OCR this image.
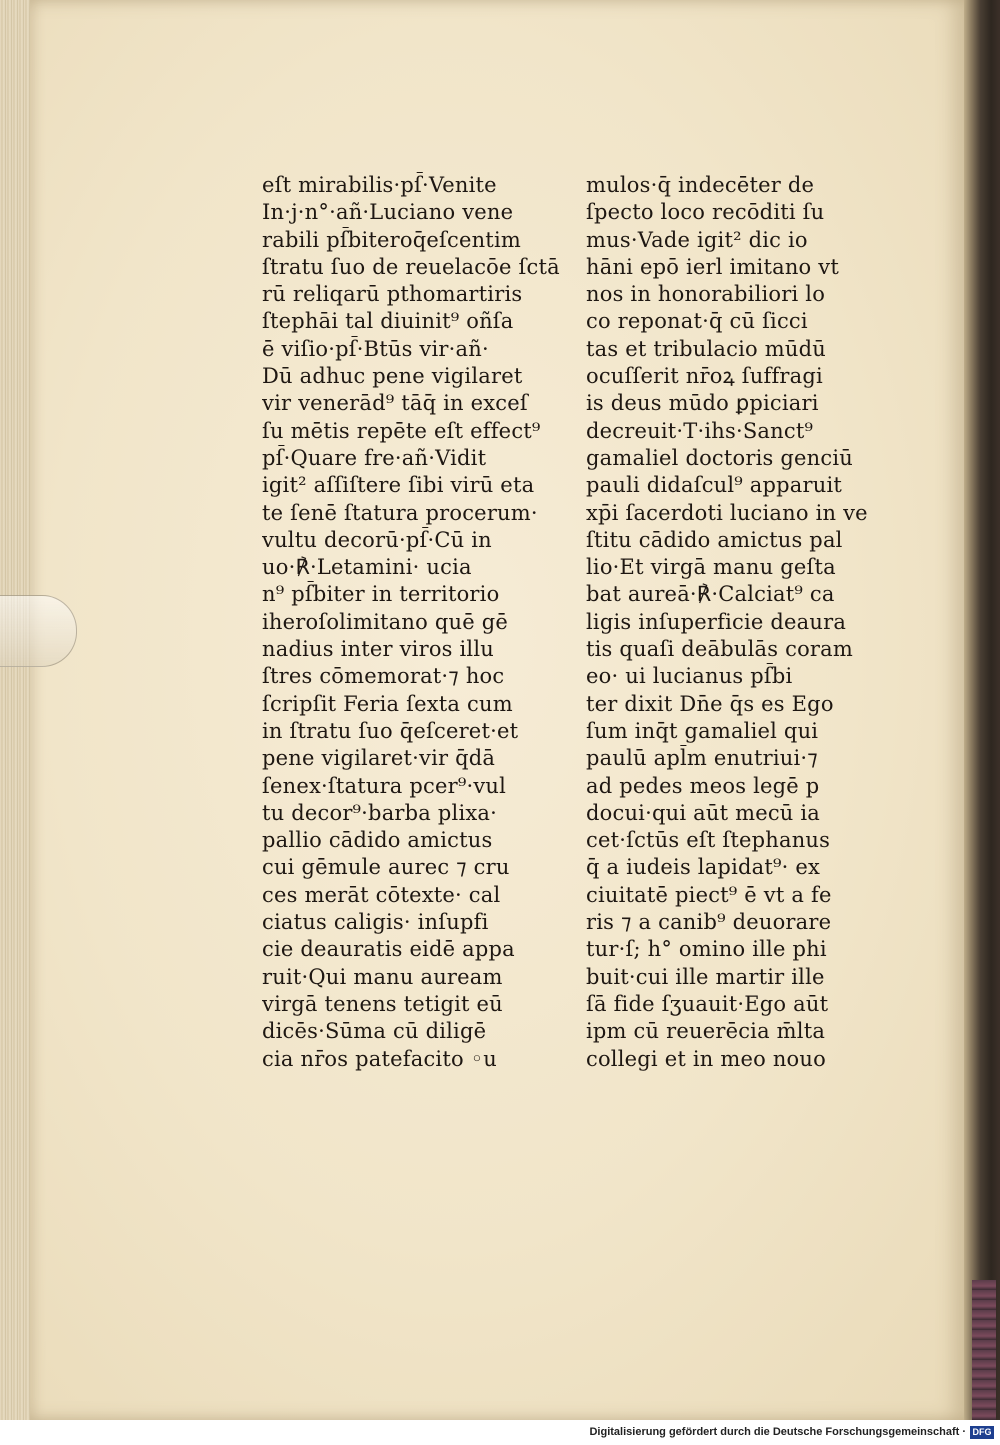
eſt mirabilis·pſ̄·Venite
In·j·n°·añ·Luciano vene
rabili pſ̄biteroq̄eſcentim
ſtratu ſuo de reuelacōe ſctā
rū reliqarū pthomartiris
ſtephāi tal diuinit⁹ oñſa
ē viſio·pſ̄·Btūs vir·añ·
Dū adhuc pene vigilaret
vir venerād⁹ tāq̄ in exceſ
ſu mētis repēte eſt effect⁹
pſ̄·Quare fre·añ·Vidit
igit² aſſiſtere ſibi virū eta
te ſenē ſtatura procerum·
vultu decorū·pſ̄·Cū in
uo·℟·Letamini· ucia
n⁹ pſ̄biter in territorio
iheroſolimitano quē gē
nadius inter viros illu
ſtres cōmemorat·⁊ hoc
ſcripſit Feria ſexta cum
in ſtratu ſuo q̄eſceret·et
pene vigilaret·vir q̄dā
ſenex·ſtatura pcer⁹·vul
tu decor⁹·barba plixa·
pallio cādido amictus
cui gēmule aurec ⁊ cru
ces merāt cōtexte· cal
ciatus caligis· inſupfi
cie deauratis eidē appa
ruit·Qui manu auream
virgā tenens tetigit eū
dicēs·Sūma cū diligē
cia nr̄os patefacito ◦u
mulos·q̄ indecēter de
ſpecto loco recōditi ſu
mus·Vade igit² dic io
hāni epō ierl imitano vt
nos in honorabiliori lo
co reponat·q̄ cū ſicci
tas et tribulacio mūdū
ocuſſerit nr̄oꝝ ſuffragi
is deus mūdo ꝑpiciari
decreuit·T·ihs·Sanct⁹
gamaliel doctoris genciū
pauli didaſcul⁹ apparuit
xp̄i ſacerdoti luciano in ve
ſtitu cādido amictus pal
lio·Et virgā manu geſta
bat aureā·℟·Calciat⁹ ca
ligis inſuperficie deaura
tis quaſi deābulās coram
eo· ui lucianus pſ̄bi
ter dixit Dn̄e q̄s es Ego
ſum inq̄t gamaliel qui
paulū apl̄m enutriui·⁊
ad pedes meos legē p
docui·qui aūt mecū ia
cet·ſctūs eſt ſtephanus
q̄ a iudeis lapidat⁹· ex
ciuitatē piect⁹ ē vt a fe
ris ⁊ a canib⁹ deuorare
tur·ſ; h° omino ille phi
buit·cui ille martir ille
ſā fide ſʒuauit·Ego aūt
ipm cū reuerēcia m̄lta
collegi et in meo nouo
Digitalisierung gefördert durch die Deutsche Forschungsgemeinschaft · DFG
